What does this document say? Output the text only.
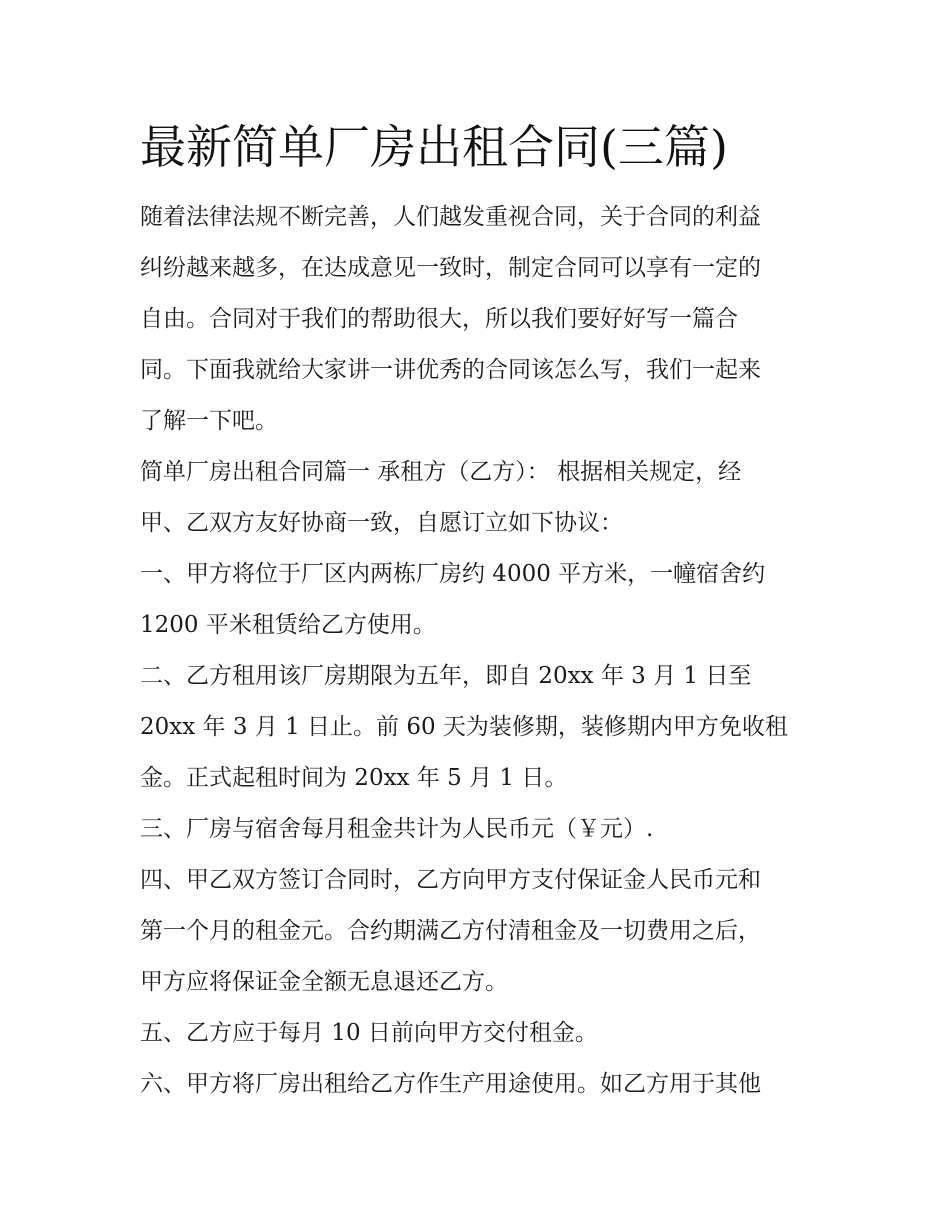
最新简单厂房出租合同(三篇)

随着法律法规不断完善，人们越发重视合同，关于合同的利益

纠纷越来越多，在达成意见一致时，制定合同可以享有一定的

自由。合同对于我们的帮助很大，所以我们要好好写一篇合

同。下面我就给大家讲一讲优秀的合同该怎么写，我们一起来

了解一下吧。

简单厂房出租合同篇一 承租方（乙方）： 根据相关规定，经

甲、乙双方友好协商一致，自愿订立如下协议：

一、甲方将位于厂区内两栋厂房约 4000 平方米，一幢宿舍约

1200 平米租赁给乙方使用。

二、乙方租用该厂房期限为五年，即自 20xx 年 3 月 1 日至

20xx 年 3 月 1 日止。前 60 天为装修期，装修期内甲方免收租

金。正式起租时间为 20xx 年 5 月 1 日。

三、厂房与宿舍每月租金共计为人民币元（￥元）.

四、甲乙双方签订合同时，乙方向甲方支付保证金人民币元和

第一个月的租金元。合约期满乙方付清租金及一切费用之后，

甲方应将保证金全额无息退还乙方。

五、乙方应于每月 10 日前向甲方交付租金。

六、甲方将厂房出租给乙方作生产用途使用。如乙方用于其他
